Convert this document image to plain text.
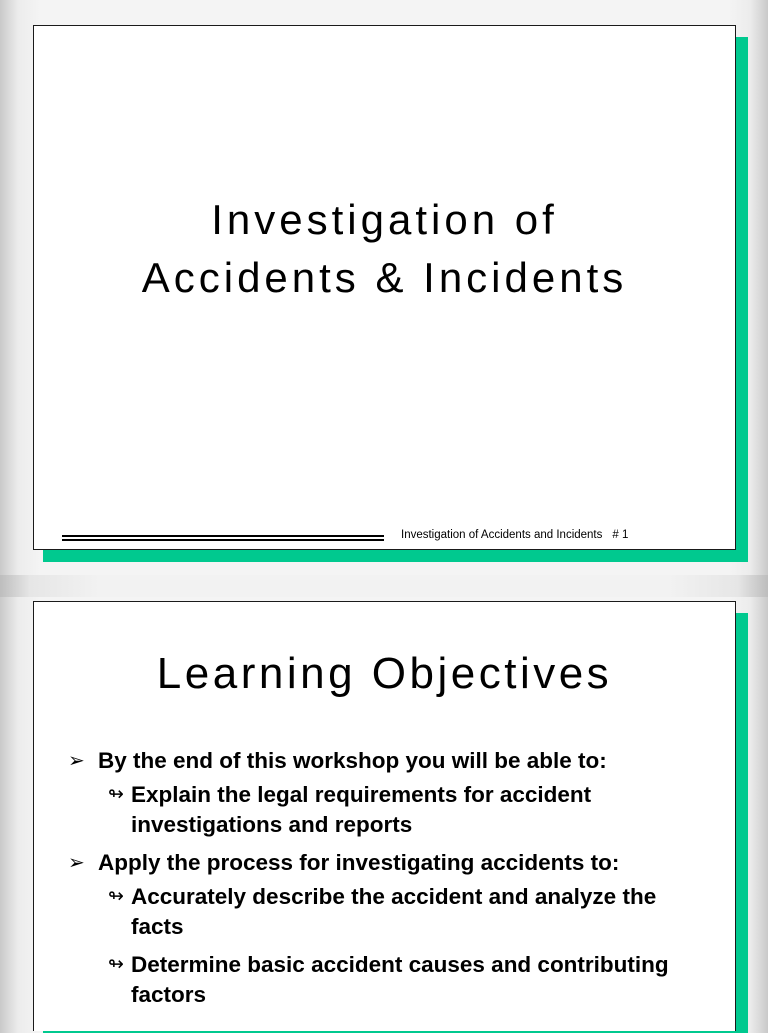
Investigation of
Accidents & Incidents
Investigation of Accidents and Incidents # 1
Learning Objectives
➢ By the end of this workshop you will be able to:
↬ Explain the legal requirements for accident investigations and reports
➢ Apply the process for investigating accidents to:
↬ Accurately describe the accident and analyze the facts
↬ Determine basic accident causes and contributing factors
